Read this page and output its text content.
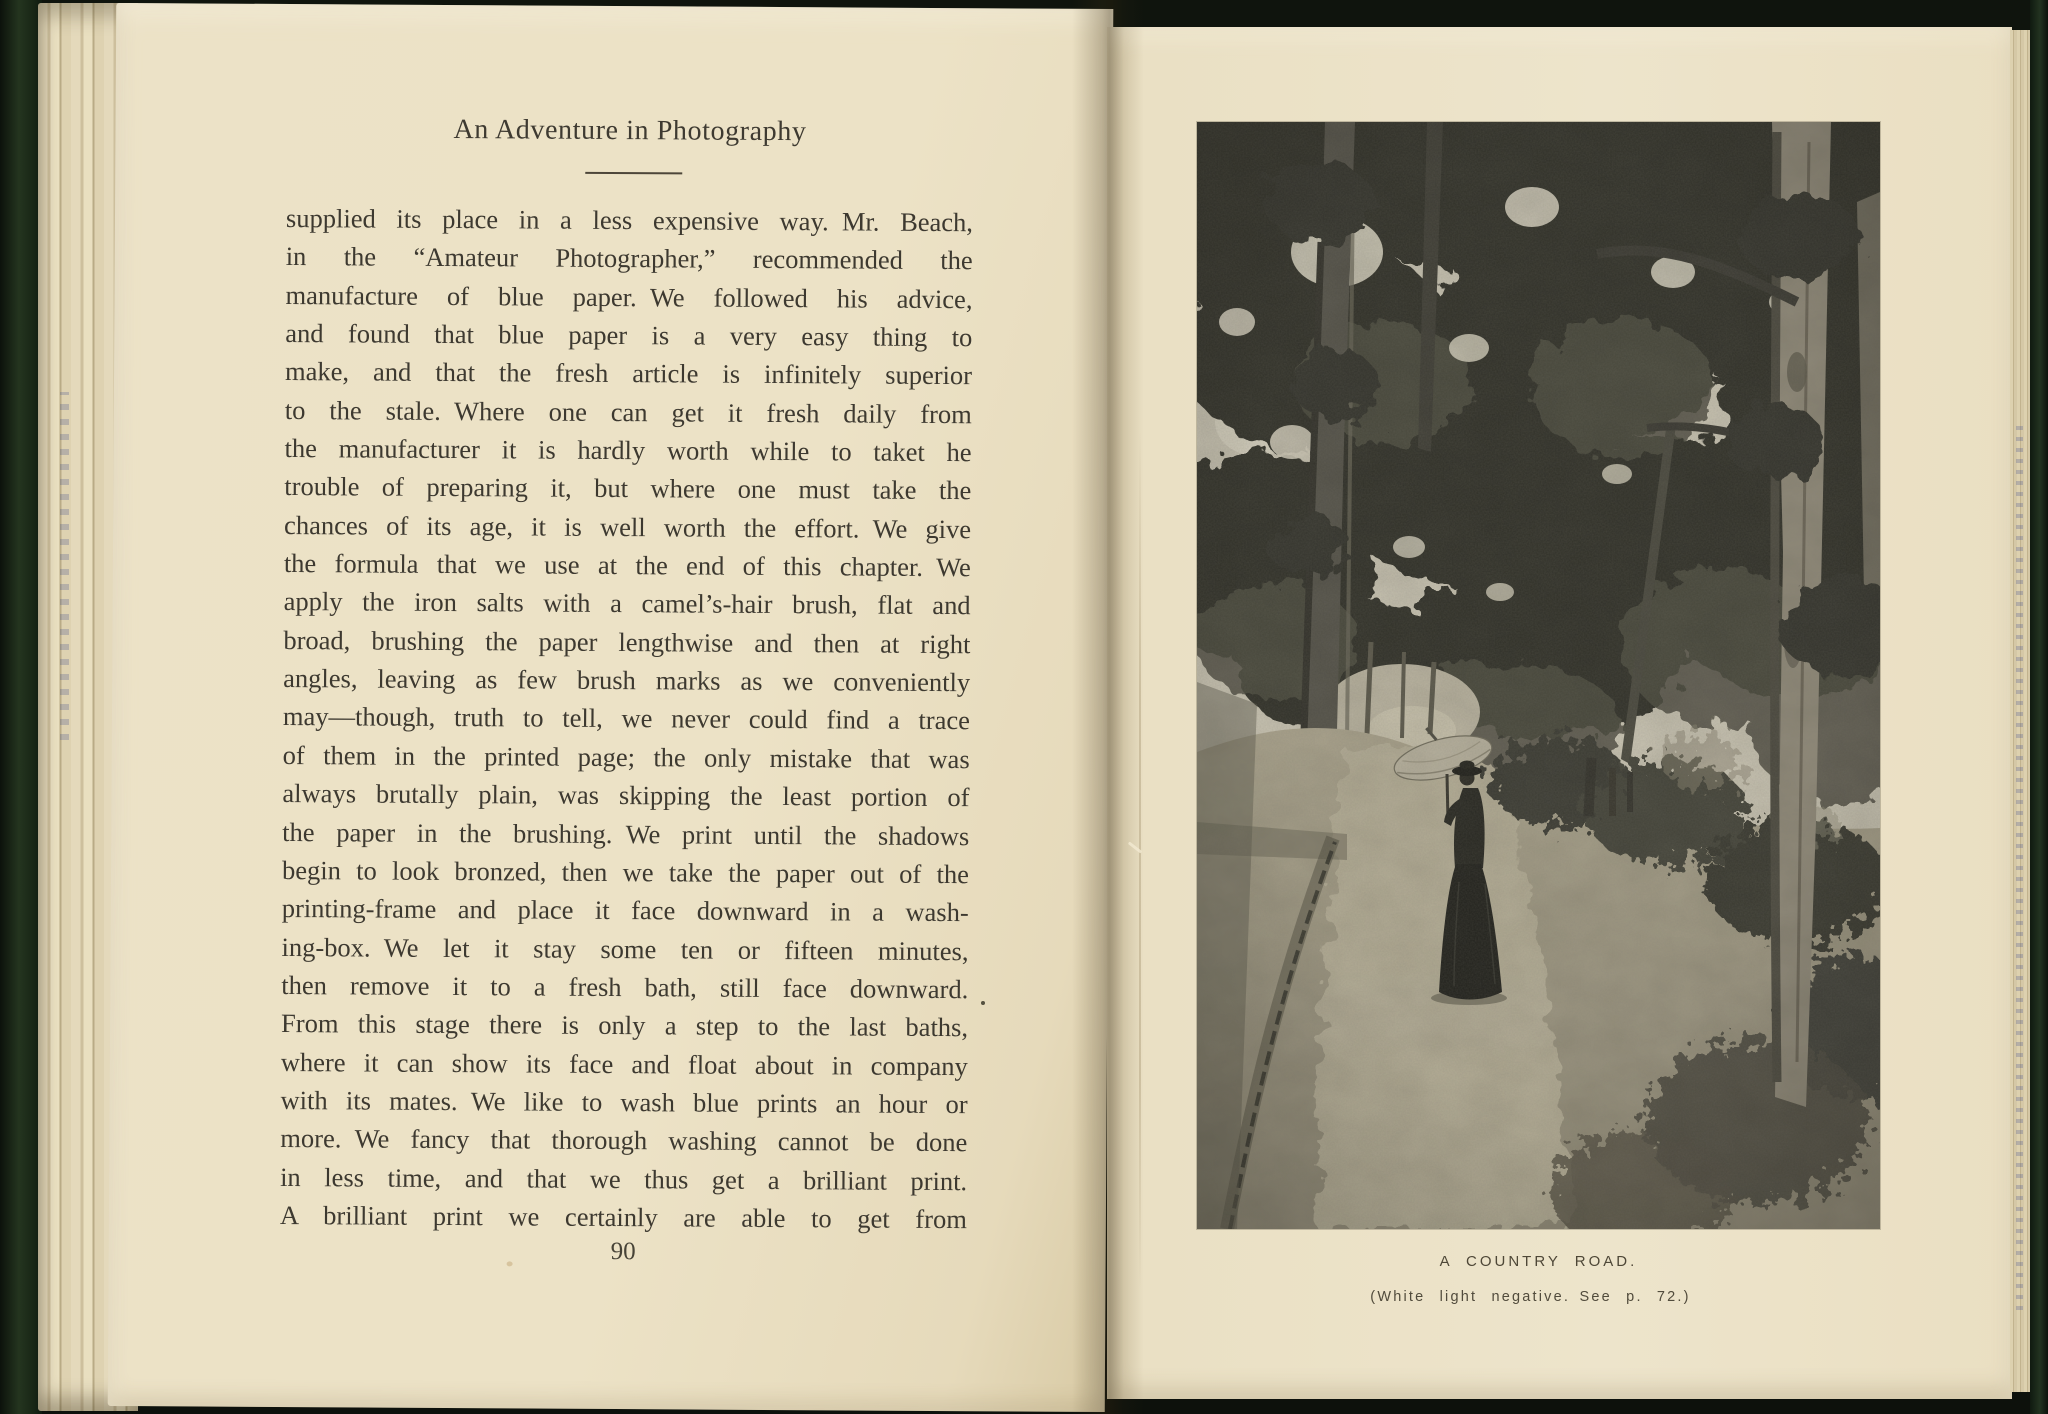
An Adventure in Photography
supplied its place in a less expensive way. Mr. Beach,
in the “Amateur Photographer,” recommended the
manufacture of blue paper. We followed his advice,
and found that blue paper is a very easy thing to
make, and that the fresh article is infinitely superior
to the stale. Where one can get it fresh daily from
the manufacturer it is hardly worth while to taket he
trouble of preparing it, but where one must take the
chances of its age, it is well worth the effort. We give
the formula that we use at the end of this chapter. We
apply the iron salts with a camel’s-hair brush, flat and
broad, brushing the paper lengthwise and then at right
angles, leaving as few brush marks as we conveniently
may—though, truth to tell, we never could find a trace
of them in the printed page; the only mistake that was
always brutally plain, was skipping the least portion of
the paper in the brushing. We print until the shadows
begin to look bronzed, then we take the paper out of the
printing-frame and place it face downward in a wash-
ing-box. We let it stay some ten or fifteen minutes,
then remove it to a fresh bath, still face downward.
From this stage there is only a step to the last baths,
where it can show its face and float about in company
with its mates. We like to wash blue prints an hour or
more. We fancy that thorough washing cannot be done
in less time, and that we thus get a brilliant print.
A brilliant print we certainly are able to get from
90	A COUNTRY ROAD.
(White light negative. See p. 72.)
